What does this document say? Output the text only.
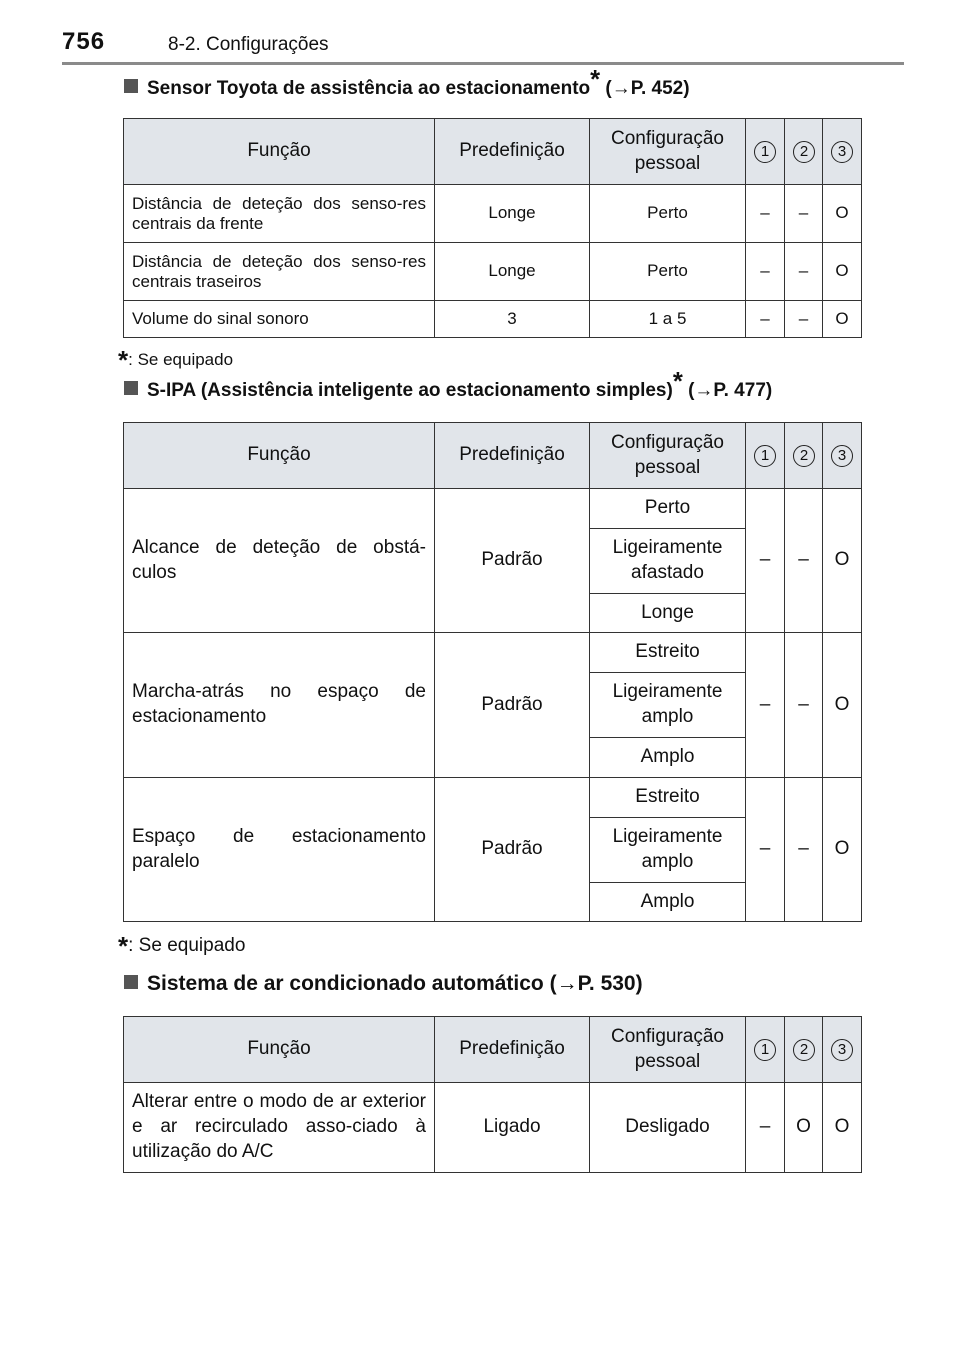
756	8-2. Configurações
Sensor Toyota de assistência ao estacionamento* (→P. 452)
Função	Predefinição	Configuração pessoal	1	2	3
Distância de deteção dos senso-res centrais da frente	Longe	Perto	–	–	O
Distância de deteção dos senso-res centrais traseiros	Longe	Perto	–	–	O
Volume do sinal sonoro	3	1 a 5	–	–	O
*: Se equipado
S-IPA (Assistência inteligente ao estacionamento simples)* (→P. 477)
Função	Predefinição	Configuração pessoal	1	2	3
Alcance de deteção de obstá-culos	Padrão	Perto	–	–	O
		Ligeiramente afastado			
		Longe			
Marcha-atrás no espaço de estacionamento	Padrão	Estreito	–	–	O
		Ligeiramente amplo			
		Amplo			
Espaço de estacionamento paralelo	Padrão	Estreito	–	–	O
		Ligeiramente amplo			
		Amplo			
*: Se equipado
Sistema de ar condicionado automático (→P. 530)
Função	Predefinição	Configuração pessoal	1	2	3
Alterar entre o modo de ar exterior e ar recirculado asso-ciado à utilização do A/C	Ligado	Desligado	–	O	O
